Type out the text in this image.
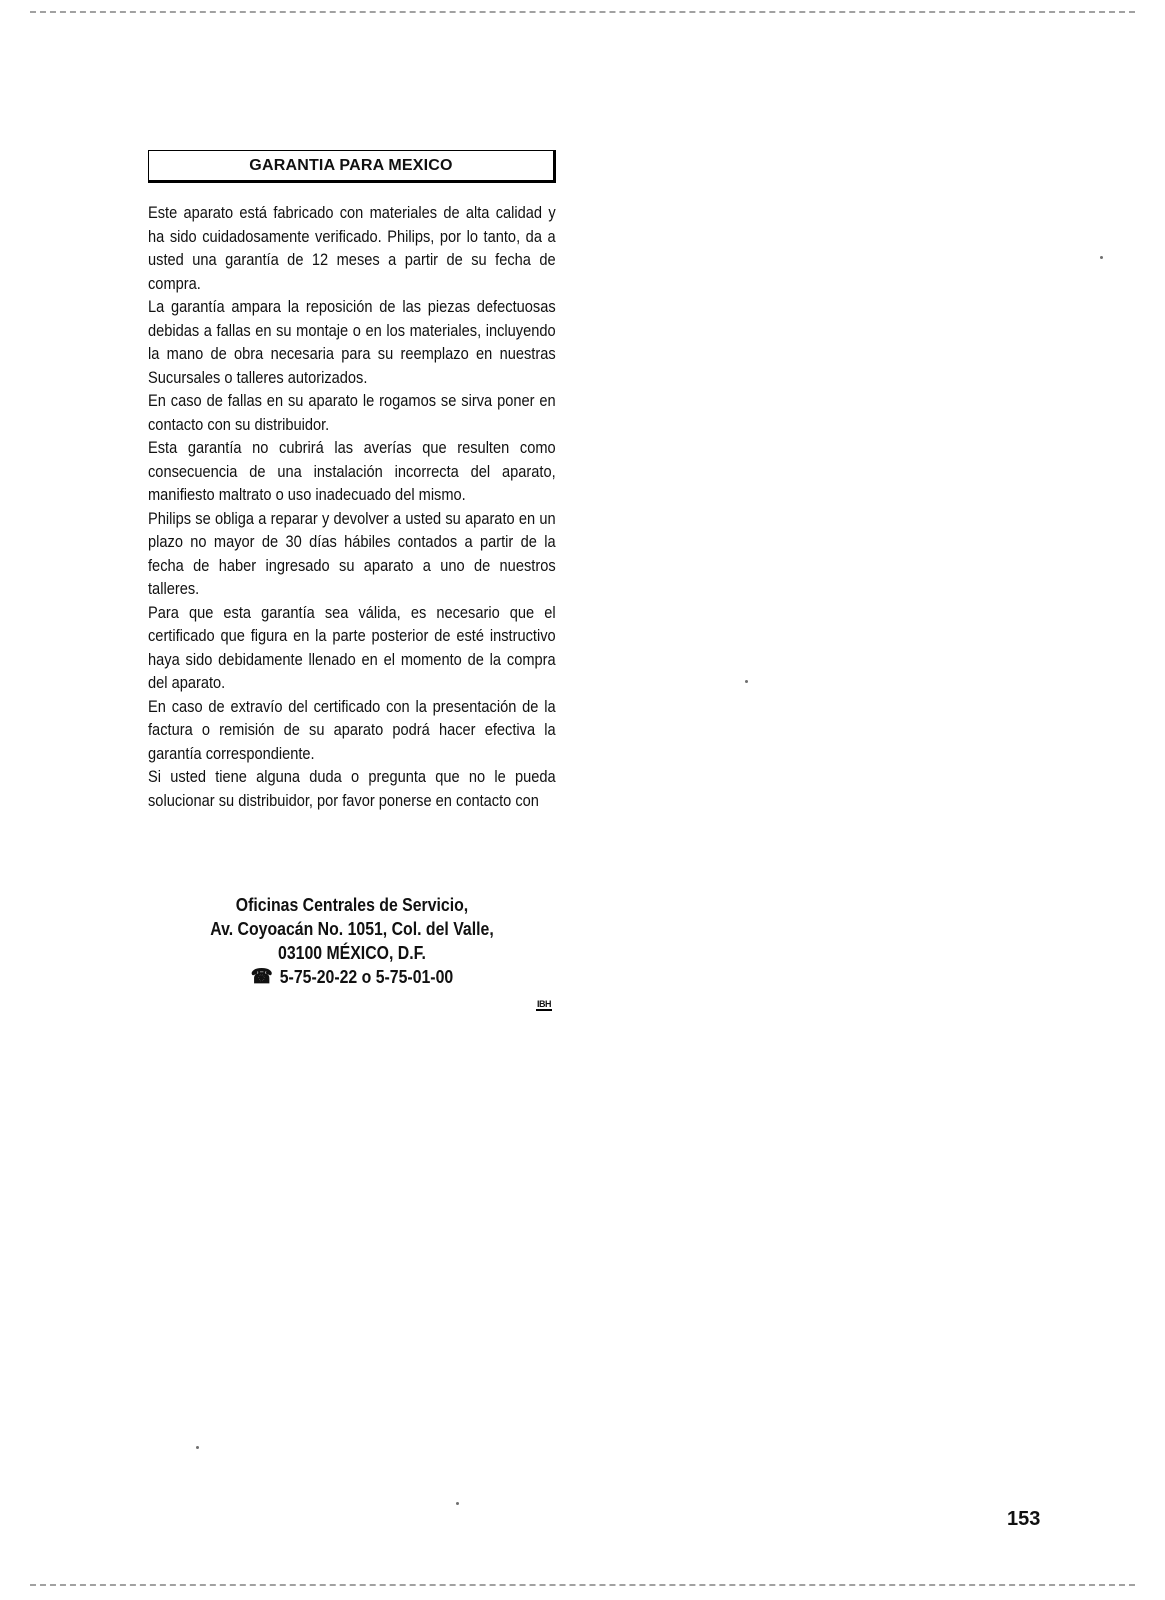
GARANTIA PARA MEXICO

Este aparato está fabricado con materiales de alta calidad y ha sido cuidadosamente verificado. Philips, por lo tanto, da a usted una garantía de 12 meses a partir de su fecha de compra.

La garantía ampara la reposición de las piezas defectuosas debidas a fallas en su montaje o en los materiales, incluyendo la mano de obra necesaria para su reemplazo en nuestras Sucursales o talleres autorizados.

En caso de fallas en su aparato le rogamos se sirva poner en contacto con su distribuidor.

Esta garantía no cubrirá las averías que resulten como consecuencia de una instalación incorrecta del aparato, manifiesto maltrato o uso inadecuado del mismo.

Philips se obliga a reparar y devolver a usted su aparato en un plazo no mayor de 30 días hábiles contados a partir de la fecha de haber ingresado su aparato a uno de nuestros talleres.

Para que esta garantía sea válida, es necesario que el certificado que figura en la parte posterior de esté instructivo haya sido debidamente llenado en el momento de la compra del aparato.

En caso de extravío del certificado con la presentación de la factura o remisión de su aparato podrá hacer efectiva la garantía correspondiente.

Si usted tiene alguna duda o pregunta que no le pueda solucionar su distribuidor, por favor ponerse en contacto con

Oficinas Centrales de Servicio,
Av. Coyoacán No. 1051, Col. del Valle,
03100 MÉXICO, D.F.
☎ 5-75-20-22 o 5-75-01-00
IBH
153
